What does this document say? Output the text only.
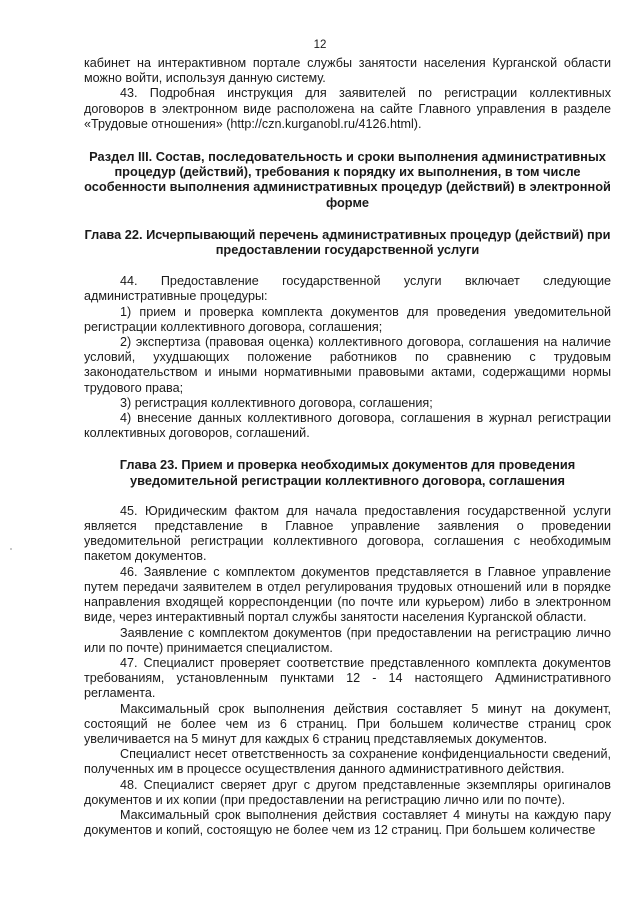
12

кабинет на интерактивном портале службы занятости населения Курганской области можно войти, используя данную систему.

43. Подробная инструкция для заявителей по регистрации коллективных договоров в электронном виде расположена на сайте Главного управления в разделе «Трудовые отношения» (http://czn.kurganobl.ru/4126.html).

Раздел III. Состав, последовательность и сроки выполнения административных процедур (действий), требования к порядку их выполнения, в том числе особенности выполнения административных процедур (действий) в электронной форме

Глава 22. Исчерпывающий перечень административных процедур (действий) при предоставлении государственной услуги

44. Предоставление государственной услуги включает следующие административные процедуры:

1) прием и проверка комплекта документов для проведения уведомительной регистрации коллективного договора, соглашения;

2) экспертиза (правовая оценка) коллективного договора, соглашения на наличие условий, ухудшающих положение работников по сравнению с трудовым законодательством и иными нормативными правовыми актами, содержащими нормы трудового права;

3) регистрация коллективного договора, соглашения;

4) внесение данных коллективного договора, соглашения в журнал регистрации коллективных договоров, соглашений.

Глава 23. Прием и проверка необходимых документов для проведения уведомительной регистрации коллективного договора, соглашения

45. Юридическим фактом для начала предоставления государственной услуги является представление в Главное управление заявления о проведении уведомительной регистрации коллективного договора, соглашения с необходимым пакетом документов.

46. Заявление с комплектом документов представляется в Главное управление путем передачи заявителем в отдел регулирования трудовых отношений или в порядке направления входящей корреспонденции (по почте или курьером) либо в электронном виде, через интерактивный портал службы занятости населения Курганской области.

Заявление с комплектом документов (при предоставлении на регистрацию лично или по почте) принимается специалистом.

47. Специалист проверяет соответствие представленного комплекта документов требованиям, установленным пунктами 12 - 14 настоящего Административного регламента.

Максимальный срок выполнения действия составляет 5 минут на документ, состоящий не более чем из 6 страниц. При большем количестве страниц срок увеличивается на 5 минут для каждых 6 страниц представляемых документов.

Специалист несет ответственность за сохранение конфиденциальности сведений, полученных им в процессе осуществления данного административного действия.

48. Специалист сверяет друг с другом представленные экземпляры оригиналов документов и их копии (при предоставлении на регистрацию лично или по почте).

Максимальный срок выполнения действия составляет 4 минуты на каждую пару документов и копий, состоящую не более чем из 12 страниц. При большем количестве
